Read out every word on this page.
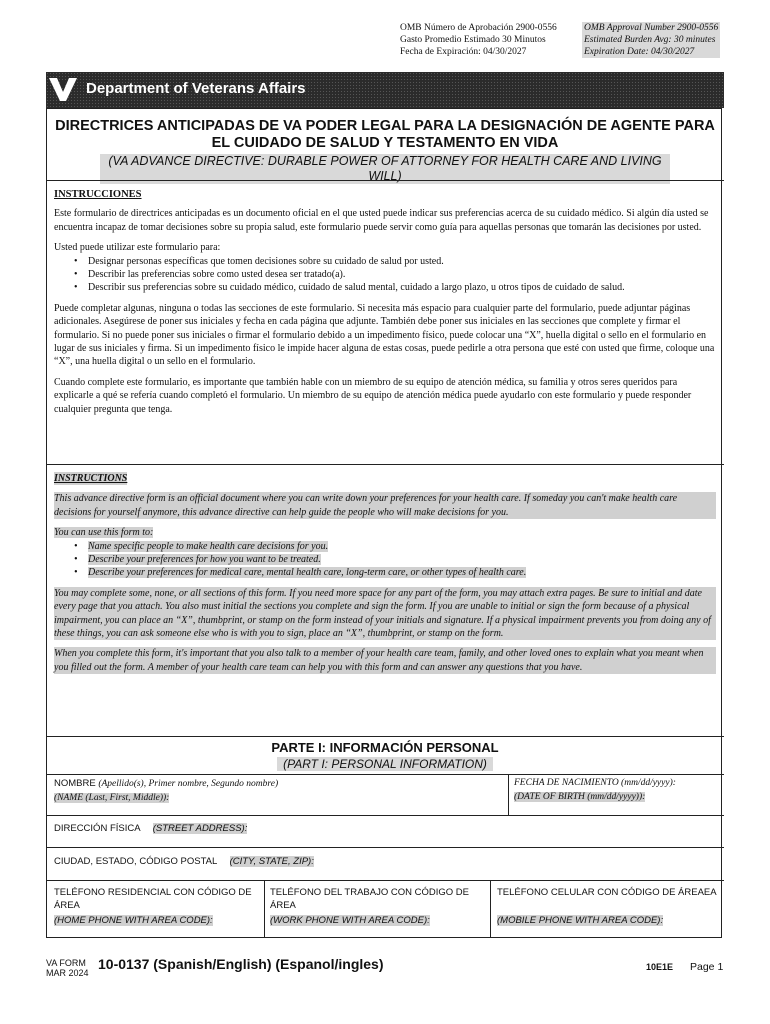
OMB Número de Aprobación 2900-0556
Gasto Promedio Estimado 30 Minutos
Fecha de Expiración: 04/30/2027
OMB Approval Number 2900-0556
Estimated Burden Avg: 30 minutes
Expiration Date: 04/30/2027
Department of Veterans Affairs
DIRECTRICES ANTICIPADAS DE VA PODER LEGAL PARA LA DESIGNACIÓN DE AGENTE PARA EL CUIDADO DE SALUD Y TESTAMENTO EN VIDA
(VA ADVANCE DIRECTIVE: DURABLE POWER OF ATTORNEY FOR HEALTH CARE AND LIVING WILL)
INSTRUCCIONES

Este formulario de directrices anticipadas es un documento oficial en el que usted puede indicar sus preferencias acerca de su cuidado médico. Si algún día usted se encuentra incapaz de tomar decisiones sobre su propia salud, este formulario puede servir como guía para aquellas personas que tomarán las decisiones por usted.

Usted puede utilizar este formulario para:
• Designar personas específicas que tomen decisiones sobre su cuidado de salud por usted.
• Describir las preferencias sobre como usted desea ser tratado(a).
• Describir sus preferencias sobre su cuidado médico, cuidado de salud mental, cuidado a largo plazo, u otros tipos de cuidado de salud.

Puede completar algunas, ninguna o todas las secciones de este formulario. Si necesita más espacio para cualquier parte del formulario, puede adjuntar páginas adicionales. Asegúrese de poner sus iniciales y fecha en cada página que adjunte. También debe poner sus iniciales en las secciones que complete y firmar el formulario. Si no puede poner sus iniciales o firmar el formulario debido a un impedimento físico, puede colocar una “X”, huella digital o sello en el formulario en lugar de sus iniciales y firma. Si un impedimento físico le impide hacer alguna de estas cosas, puede pedirle a otra persona que esté con usted que firme, coloque una “X”, una huella digital o un sello en el formulario.

Cuando complete este formulario, es importante que también hable con un miembro de su equipo de atención médica, su familia y otros seres queridos para explicarle a qué se refería cuando completó el formulario. Un miembro de su equipo de atención médica puede ayudarlo con este formulario y puede responder cualquier pregunta que tenga.

INSTRUCTIONS

This advance directive form is an official document where you can write down your preferences for your health care. If someday you can't make health care decisions for yourself anymore, this advance directive can help guide the people who will make decisions for you.

You can use this form to:
• Name specific people to make health care decisions for you.
• Describe your preferences for how you want to be treated.
• Describe your preferences for medical care, mental health care, long-term care, or other types of health care.

You may complete some, none, or all sections of this form. If you need more space for any part of the form, you may attach extra pages. Be sure to initial and date every page that you attach. You also must initial the sections you complete and sign the form. If you are unable to initial or sign the form because of a physical impairment, you can place an “X”, thumbprint, or stamp on the form instead of your initials and signature. If a physical impairment prevents you from doing any of these things, you can ask someone else who is with you to sign, place an “X”, thumbprint, or stamp on the form.

When you complete this form, it's important that you also talk to a member of your health care team, family, and other loved ones to explain what you meant when you filled out the form. A member of your health care team can help you with this form and can answer any questions that you have.

PARTE I: INFORMACIÓN PERSONAL
(PART I: PERSONAL INFORMATION)
NOMBRE (Apellido(s), Primer nombre, Segundo nombre)
(NAME (Last, First, Middle)):
FECHA DE NACIMIENTO (mm/dd/yyyy):
(DATE OF BIRTH (mm/dd/yyyy)):
DIRECCIÓN FÍSICA (STREET ADDRESS):
CIUDAD, ESTADO, CÓDIGO POSTAL (CITY, STATE, ZIP):
TELÉFONO RESIDENCIAL CON CÓDIGO DE ÁREA
(HOME PHONE WITH AREA CODE):
TELÉFONO DEL TRABAJO CON CÓDIGO DE ÁREA
(WORK PHONE WITH AREA CODE):
TELÉFONO CELULAR CON CÓDIGO DE ÁREAEA
(MOBILE PHONE WITH AREA CODE):
VA FORM
MAR 2024
10-0137 (Spanish/English) (Espanol/ingles)	10E1E Page 1
